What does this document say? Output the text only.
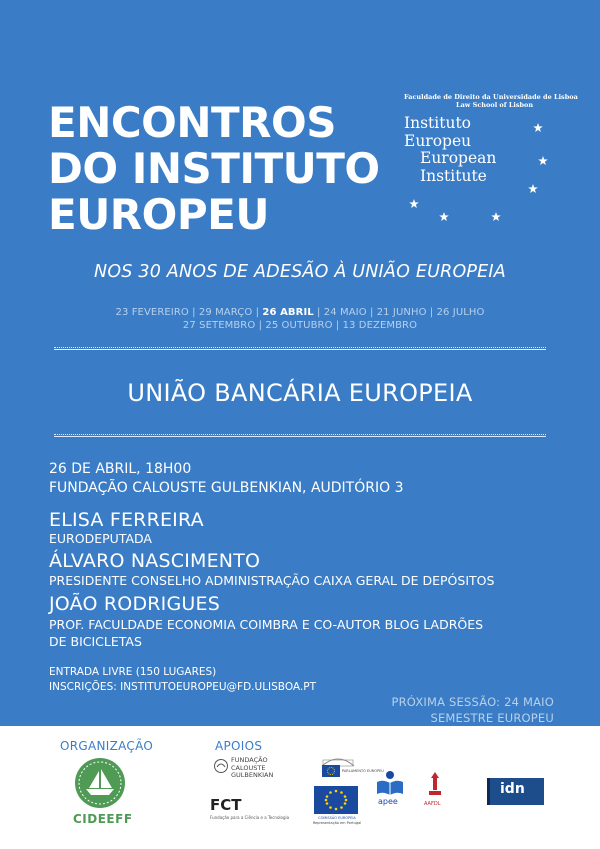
ENCONTROS
DO INSTITUTO
EUROPEU
Faculdade de Direito da Universidade de Lisboa
Law School of Lisbon
Instituto
Europeu
European
Institute
NOS 30 ANOS DE ADESÃO À UNIÃO EUROPEIA
23 FEVEREIRO | 29 MARÇO | 26 ABRIL | 24 MAIO | 21 JUNHO | 26 JULHO
27 SETEMBRO | 25 OUTUBRO | 13 DEZEMBRO
UNIÃO BANCÁRIA EUROPEIA
26 DE ABRIL, 18H00
FUNDAÇÃO CALOUSTE GULBENKIAN, AUDITÓRIO 3
ELISA FERREIRA
EURODEPUTADA
ÁLVARO NASCIMENTO
PRESIDENTE CONSELHO ADMINISTRAÇÃO CAIXA GERAL DE DEPÓSITOS
JOÃO RODRIGUES
PROF. FACULDADE ECONOMIA COIMBRA E CO-AUTOR BLOG LADRÕES
DE BICICLETAS
ENTRADA LIVRE (150 LUGARES)
INSCRIÇÕES: INSTITUTOEUROPEU@FD.ULISBOA.PT
PRÓXIMA SESSÃO: 24 MAIO
SEMESTRE EUROPEU
ORGANIZAÇÃO	APOIOS
CIDEEFF
FUNDAÇÃO
CALOUSTE
GULBENKIAN
FCT
Fundação para a Ciência e a Tecnologia
PARLAMENTO EUROPEU
COMISSÃO EUROPEIA
Representação em Portugal
apee	AAFDL
idn
